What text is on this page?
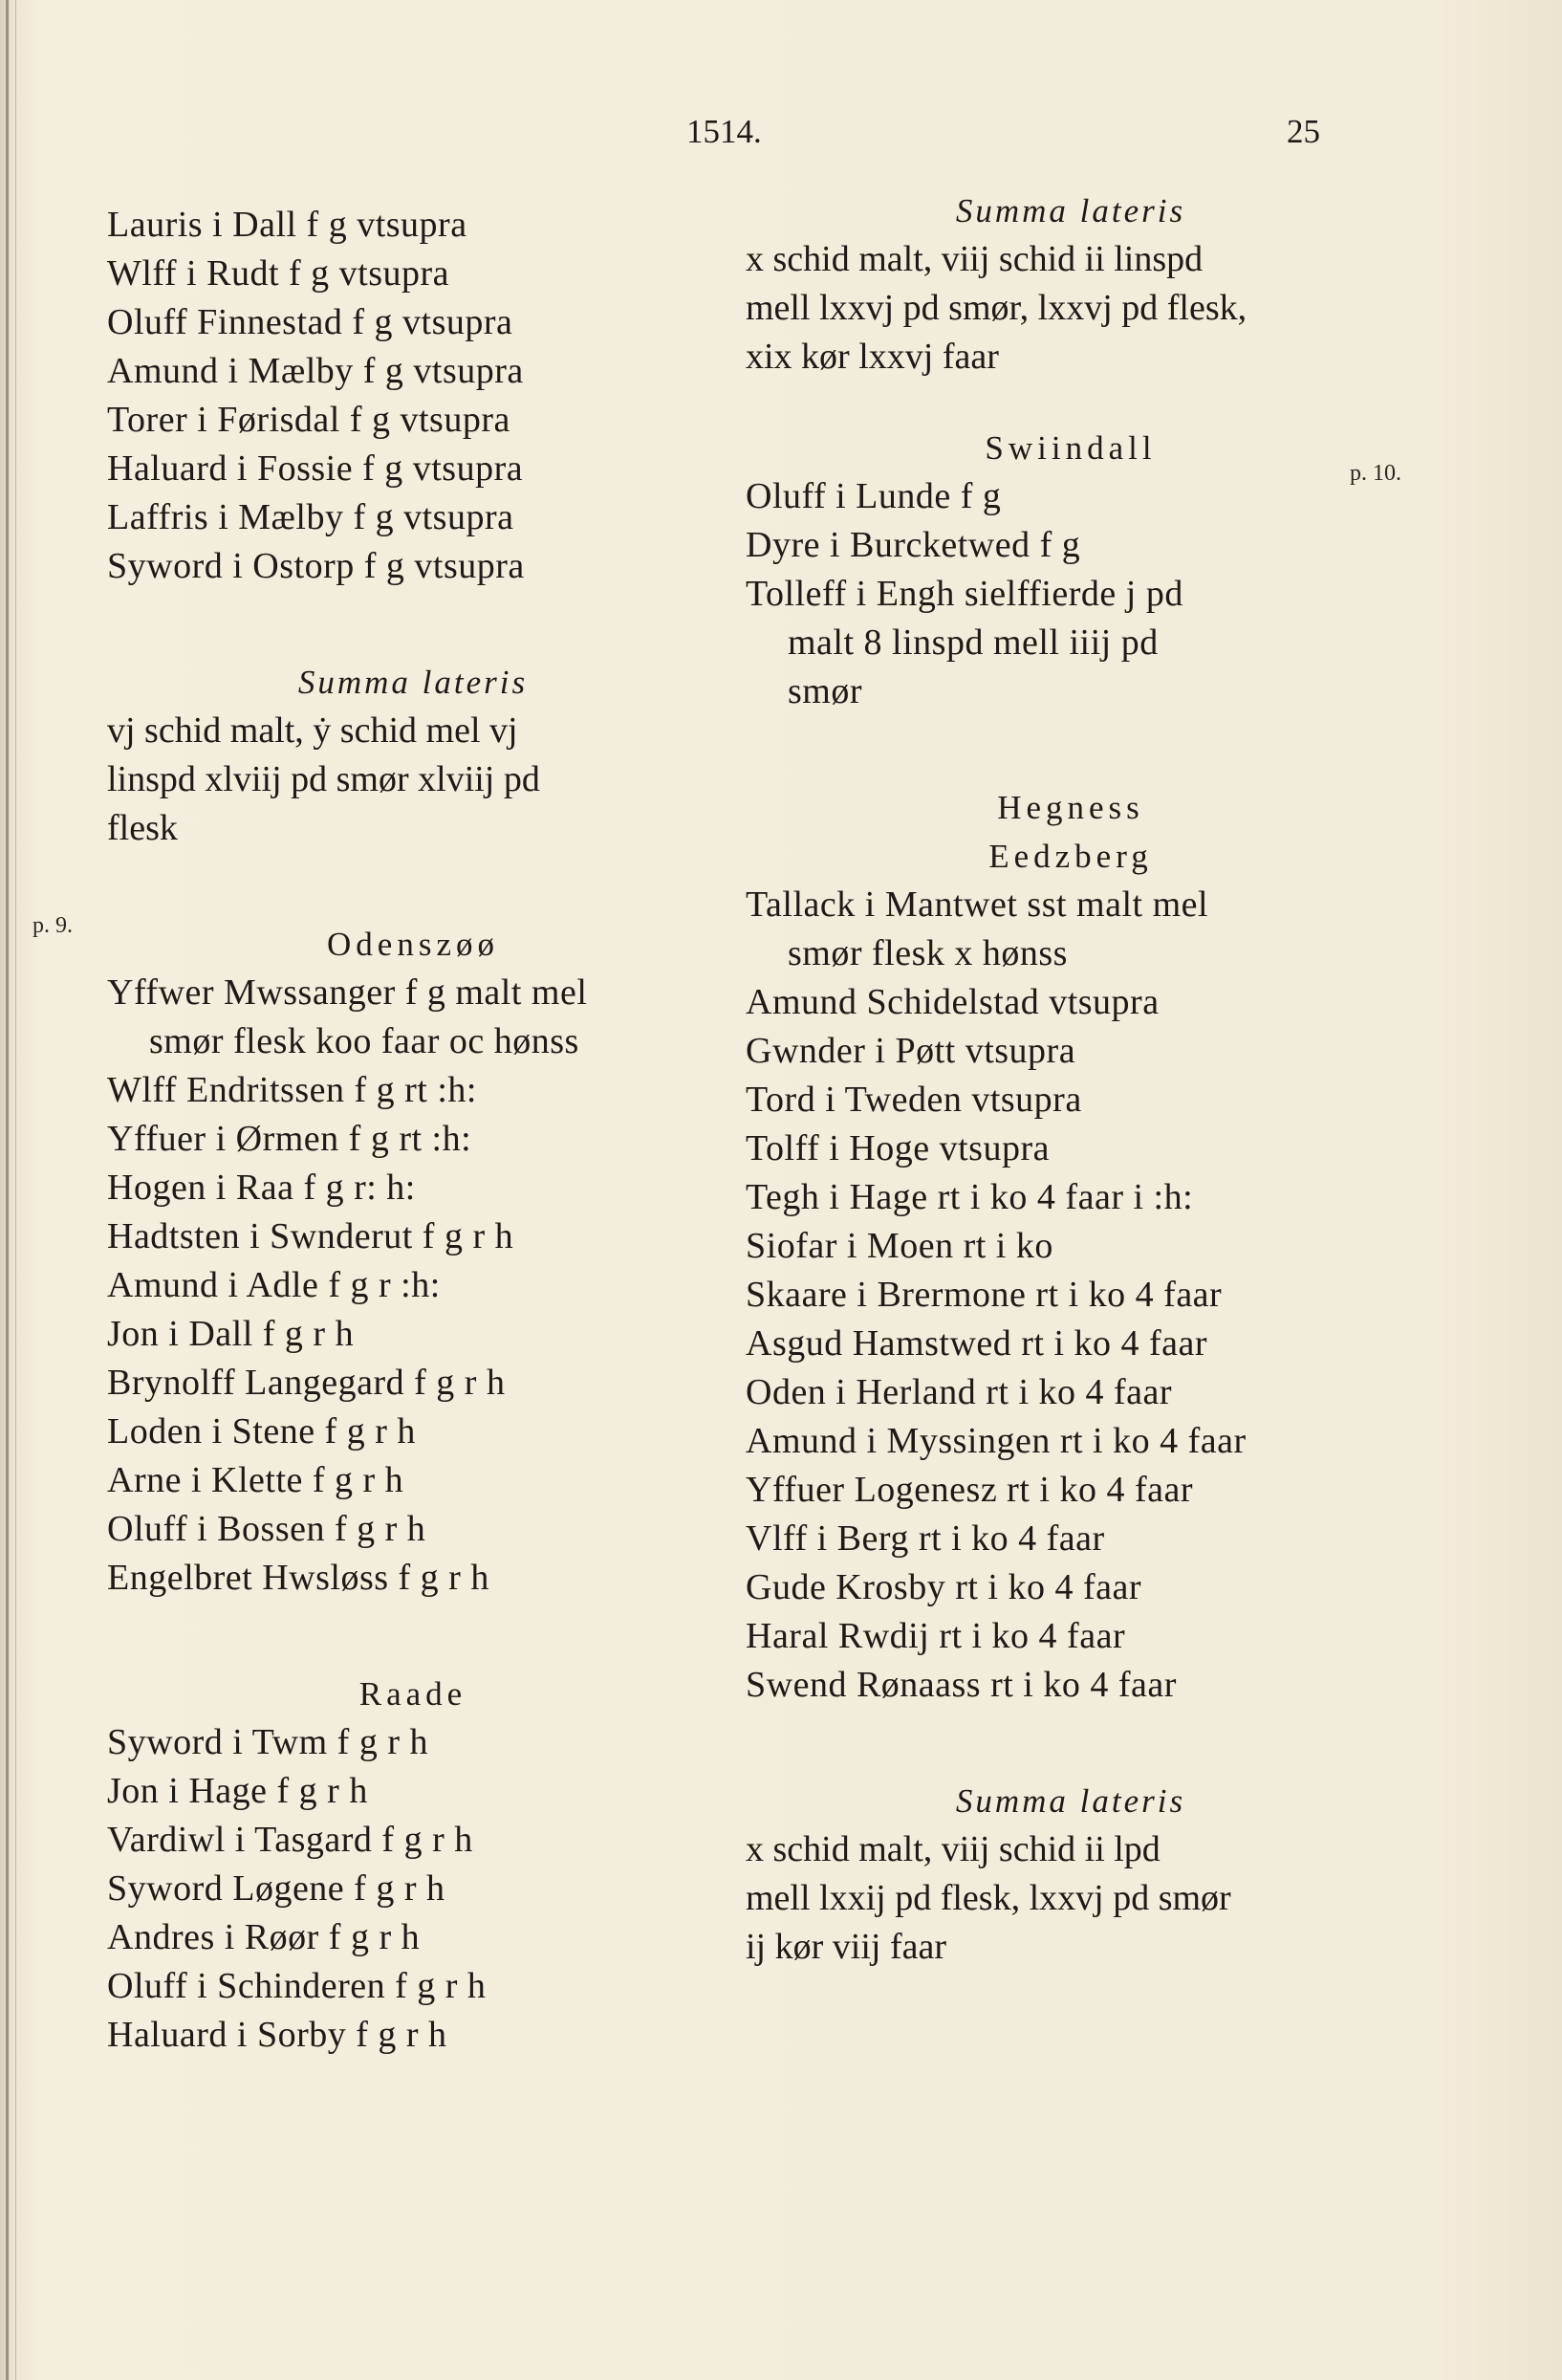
1514.	25
p. 9.
p. 10.
Lauris i Dall f g vtsupra
Wlff i Rudt f g vtsupra
Oluff Finnestad f g vtsupra
Amund i Mælby f g vtsupra
Torer i Førisdal f g vtsupra
Haluard i Fossie f g vtsupra
Laffris i Mælby f g vtsupra
Syword i Ostorp f g vtsupra
Summa lateris
vj schid malt, ẏ schid mel vj
linspd xlviij pd smør xlviij pd
flesk
Odenszøø
Yffwer Mwssanger f g malt mel
smør flesk koo faar oc hønss
Wlff Endritssen f g rt :h:
Yffuer i Ørmen f g rt :h:
Hogen i Raa f g r: h:
Hadtsten i Swnderut f g r h
Amund i Adle f g r :h:
Jon i Dall f g r h
Brynolff Langegard f g r h
Loden i Stene f g r h
Arne i Klette f g r h
Oluff i Bossen f g r h
Engelbret Hwsløss f g r h
Raade
Syword i Twm f g r h
Jon i Hage f g r h
Vardiwl i Tasgard f g r h
Syword Løgene f g r h
Andres i Røør f g r h
Oluff i Schinderen f g r h
Haluard i Sorby f g r h
Summa lateris
x schid malt, viij schid ii linspd
mell lxxvj pd smør, lxxvj pd flesk,
xix kør lxxvj faar
Swiindall
Oluff i Lunde f g
Dyre i Burcketwed f g
Tolleff i Engh sielffierde j pd
malt 8 linspd mell iiij pd
smør
Hegness
Eedzberg
Tallack i Mantwet sst malt mel
smør flesk x hønss
Amund Schidelstad vtsupra
Gwnder i Pøtt vtsupra
Tord i Tweden vtsupra
Tolff i Hoge vtsupra
Tegh i Hage rt i ko 4 faar i :h:
Siofar i Moen rt i ko
Skaare i Brermone rt i ko 4 faar
Asgud Hamstwed rt i ko 4 faar
Oden i Herland rt i ko 4 faar
Amund i Myssingen rt i ko 4 faar
Yffuer Logenesz rt i ko 4 faar
Vlff i Berg rt i ko 4 faar
Gude Krosby rt i ko 4 faar
Haral Rwdij rt i ko 4 faar
Swend Rønaass rt i ko 4 faar
Summa lateris
x schid malt, viij schid ii lpd
mell lxxij pd flesk, lxxvj pd smør
ij kør viij faar
